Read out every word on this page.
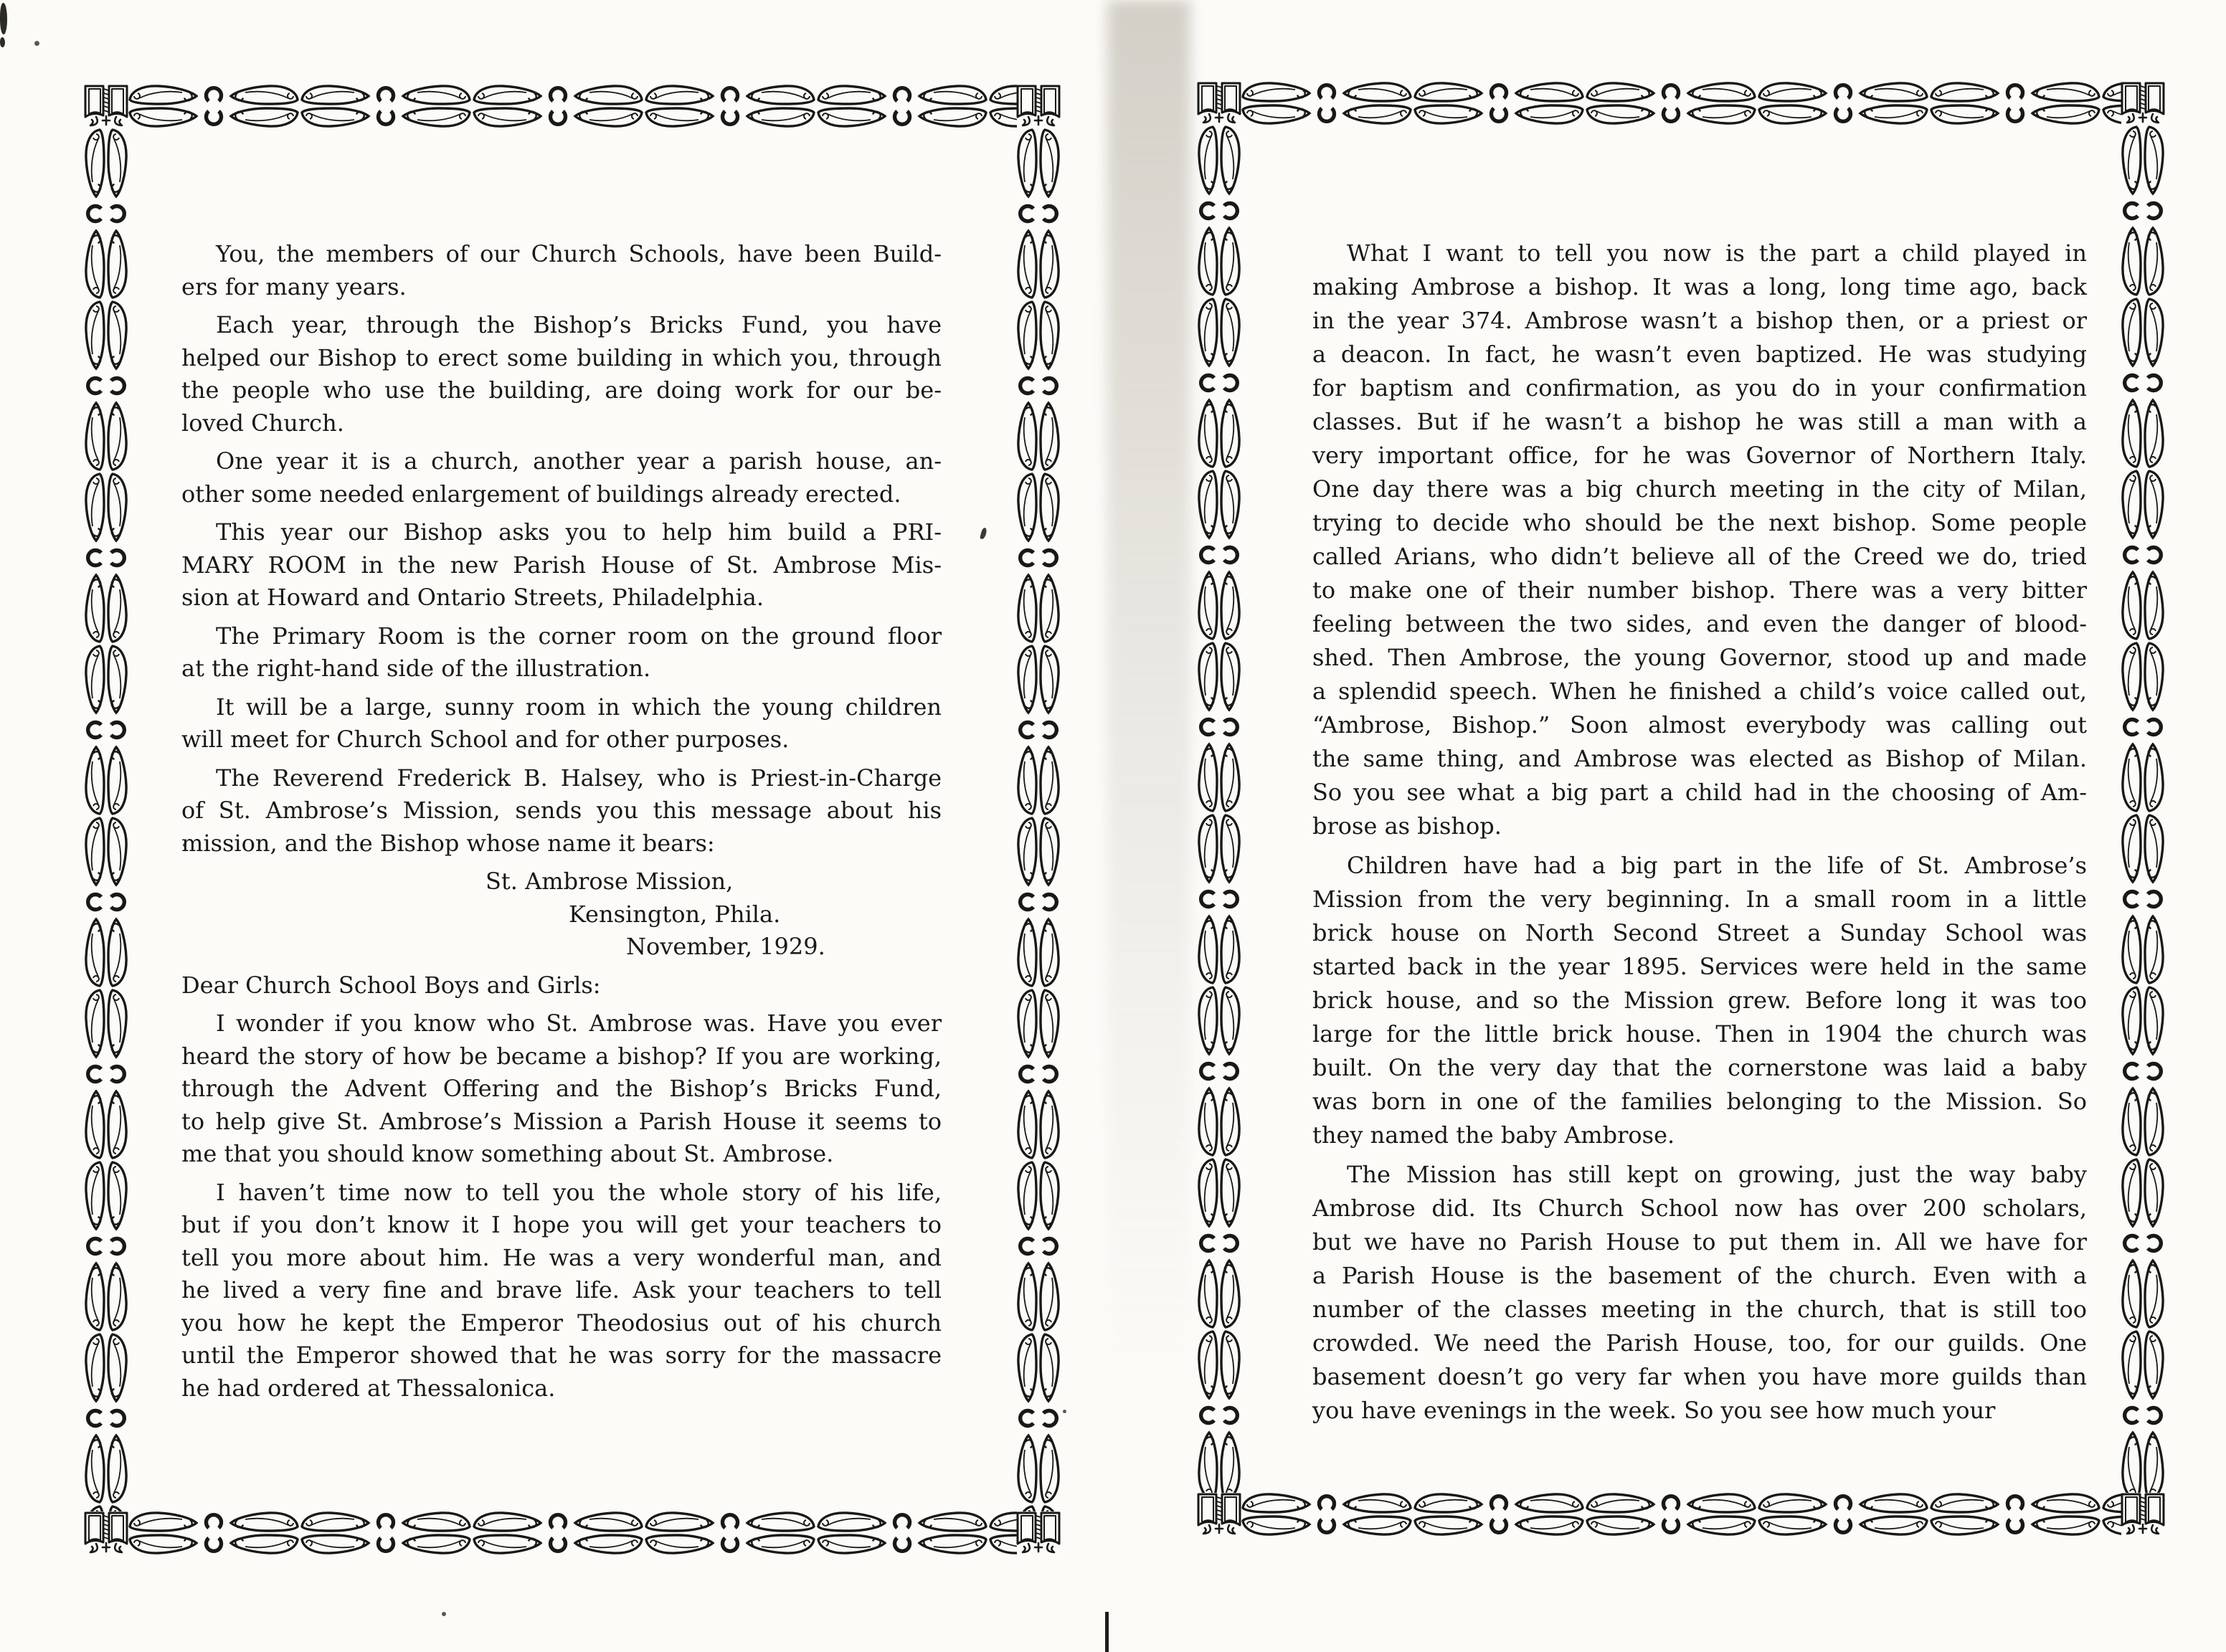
You, the members of our Church Schools, have been Build-
ers for many years.
Each year, through the Bishop’s Bricks Fund, you have
helped our Bishop to erect some building in which you, through
the people who use the building, are doing work for our be-
loved Church.
One year it is a church, another year a parish house, an-
other some needed enlargement of buildings already erected.
This year our Bishop asks you to help him build a PRI-
MARY ROOM in the new Parish House of St. Ambrose Mis-
sion at Howard and Ontario Streets, Philadelphia.
The Primary Room is the corner room on the ground floor
at the right-hand side of the illustration.
It will be a large, sunny room in which the young children
will meet for Church School and for other purposes.
The Reverend Frederick B. Halsey, who is Priest-in-Charge
of St. Ambrose’s Mission, sends you this message about his
mission, and the Bishop whose name it bears:
St. Ambrose Mission,
Kensington, Phila.
November, 1929.
Dear Church School Boys and Girls:
I wonder if you know who St. Ambrose was. Have you ever
heard the story of how be became a bishop? If you are working,
through the Advent Offering and the Bishop’s Bricks Fund,
to help give St. Ambrose’s Mission a Parish House it seems to
me that you should know something about St. Ambrose.
I haven’t time now to tell you the whole story of his life,
but if you don’t know it I hope you will get your teachers to
tell you more about him. He was a very wonderful man, and
he lived a very fine and brave life. Ask your teachers to tell
you how he kept the Emperor Theodosius out of his church
until the Emperor showed that he was sorry for the massacre
he had ordered at Thessalonica.
What I want to tell you now is the part a child played in
making Ambrose a bishop. It was a long, long time ago, back
in the year 374. Ambrose wasn’t a bishop then, or a priest or
a deacon. In fact, he wasn’t even baptized. He was studying
for baptism and confirmation, as you do in your confirmation
classes. But if he wasn’t a bishop he was still a man with a
very important office, for he was Governor of Northern Italy.
One day there was a big church meeting in the city of Milan,
trying to decide who should be the next bishop. Some people
called Arians, who didn’t believe all of the Creed we do, tried
to make one of their number bishop. There was a very bitter
feeling between the two sides, and even the danger of blood-
shed. Then Ambrose, the young Governor, stood up and made
a splendid speech. When he finished a child’s voice called out,
“Ambrose, Bishop.” Soon almost everybody was calling out
the same thing, and Ambrose was elected as Bishop of Milan.
So you see what a big part a child had in the choosing of Am-
brose as bishop.
Children have had a big part in the life of St. Ambrose’s
Mission from the very beginning. In a small room in a little
brick house on North Second Street a Sunday School was
started back in the year 1895. Services were held in the same
brick house, and so the Mission grew. Before long it was too
large for the little brick house. Then in 1904 the church was
built. On the very day that the cornerstone was laid a baby
was born in one of the families belonging to the Mission. So
they named the baby Ambrose.
The Mission has still kept on growing, just the way baby
Ambrose did. Its Church School now has over 200 scholars,
but we have no Parish House to put them in. All we have for
a Parish House is the basement of the church. Even with a
number of the classes meeting in the church, that is still too
crowded. We need the Parish House, too, for our guilds. One
basement doesn’t go very far when you have more guilds than
you have evenings in the week. So you see how much your
